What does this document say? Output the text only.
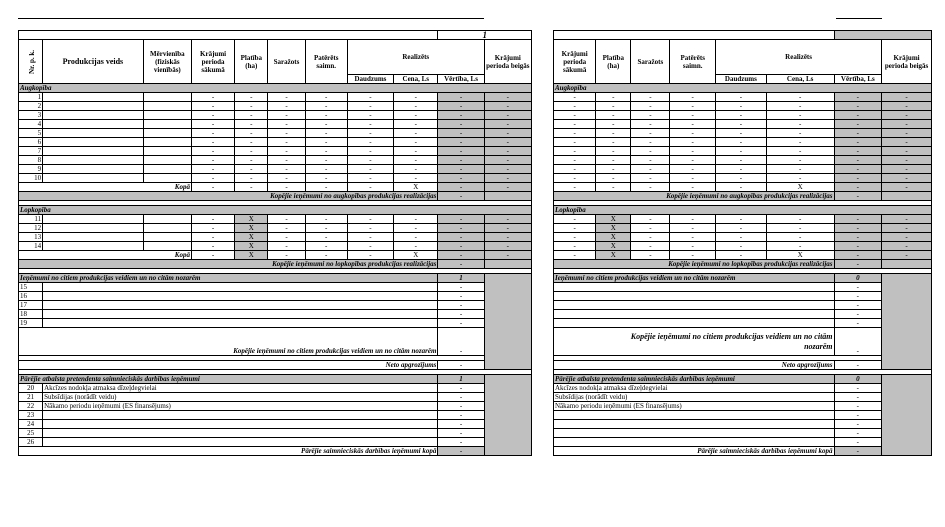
									1	
Nr. p. k.	Produkcijas veids	Mērvienība (fiziskās vienībās)	Krājumi perioda sākumā	Platība (ha)	Saražots	Patērēts saimn.	Realizēts			Krājumi perioda beigās
							Daudzums	Cena, Ls	Vērtība, Ls	
Augkopība										
1			-	-	-	-	-	-	-	-
2			-	-	-	-	-	-	-	-
3			-	-	-	-	-	-	-	-
4			-	-	-	-	-	-	-	-
5			-	-	-	-	-	-	-	-
6			-	-	-	-	-	-	-	-
7			-	-	-	-	-	-	-	-
8			-	-	-	-	-	-	-	-
9			-	-	-	-	-	-	-	-
10			-	-	-	-	-	-	-	-
Kopā			-	-	-	-	-	X	-	-
Kopējie ieņēmumi no augkopības produkcijas realizācijas									-	

Lopkopība										
11			-	X	-	-	-	-	-	-
12			-	X	-	-	-	-	-	-
13			-	X	-	-	-	-	-	-
14			-	X	-	-	-	-	-	-
Kopā			-	X	-	-	-	X	-	-
Kopējie ieņēmumi no lopkopības produkcijas realizācijas									-	

Ieņēmumi no citiem produkcijas veidiem un no citām nozarēm									1	
15									-	
16									-	
17									-	
18									-	
19									-	
Kopējie ieņēmumi no citiem produkcijas veidiem un no citām nozarēm									-	

Neto apgrozījums									-	

Pārējie atbalsta pretendenta saimnieciskās darbības ieņēmumi									1	
20	Akcīzes nodokļa atmaksa dīzeļdegvielai								-	
21	Subsīdijas (norādīt veidu)								-	
22	Nākamo periodu ieņēmumi (ES finansējums)								-	
23									-	
24									-	
25									-	
26									-	
Pārējie saimnieciskās darbības ieņēmumi kopā									-	

Krājumi perioda sākumā	Platība (ha)	Saražots	Patērēts saimn.	Realizēts			Krājumi perioda beigās
				Daudzums	Cena, Ls	Vērtība, Ls	
Augkopība							
-	-	-	-	-	-	-	-
-	-	-	-	-	-	-	-
-	-	-	-	-	-	-	-
-	-	-	-	-	-	-	-
-	-	-	-	-	-	-	-
-	-	-	-	-	-	-	-
-	-	-	-	-	-	-	-
-	-	-	-	-	-	-	-
-	-	-	-	-	-	-	-
-	-	-	-	-	-	-	-
-	-	-	-	-	X	-	-
Kopējie ieņēmumi no augkopības produkcijas realizācijas						-	

Lopkopība							
-	X	-	-	-	-	-	-
-	X	-	-	-	-	-	-
-	X	-	-	-	-	-	-
-	X	-	-	-	-	-	-
-	X	-	-	-	X	-	-
Kopējie ieņēmumi no lopkopības produkcijas realizācijas						-	

Ieņēmumi no citiem produkcijas veidiem un no citām nozarēm						0	
						-	
						-	
						-	
						-	
						-	
Kopējie ieņēmumi no citiem produkcijas veidiem un no citām
nozarēm						-	

Neto apgrozījums						-	

Pārējie atbalsta pretendenta saimnieciskās darbības ieņēmumi						0	
Akcīzes nodokļa atmaksa dīzeļdegvielai						-	
Subsīdijas (norādīt veidu)						-	
Nākamo periodu ieņēmumi (ES finansējums)						-	
						-	
						-	
						-	
						-	
Pārējie saimnieciskās darbības ieņēmumi kopā						-	
